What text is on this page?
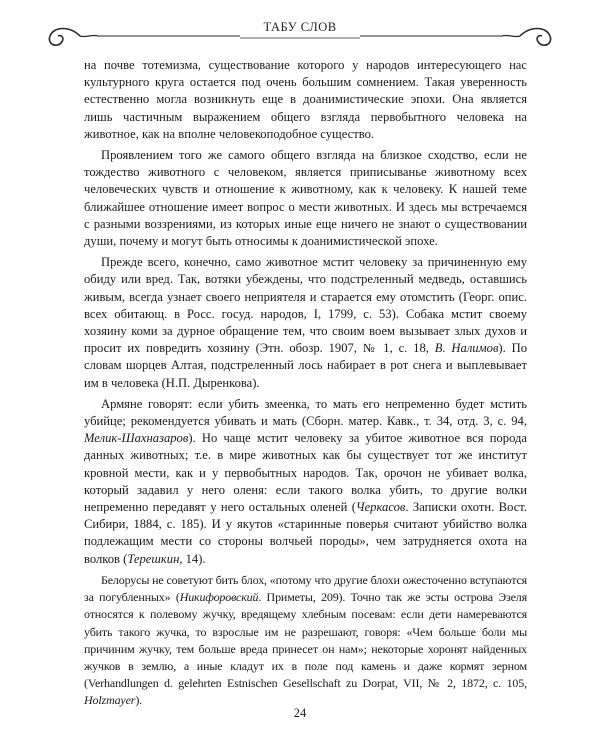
ТАБУ СЛОВ

на почве тотемизма, существование которого у народов интересующего нас культурного круга остается под очень большим сомнением. Такая уверенность естественно могла возникнуть еще в доанимистические эпохи. Она является лишь частичным выражением общего взгляда первобытного человека на животное, как на вполне человекоподобное существо.

Проявлением того же самого общего взгляда на близкое сходство, если не тождество животного с человеком, является приписыванье животному всех человеческих чувств и отношение к животному, как к человеку. К нашей теме ближайшее отношение имеет вопрос о мести животных. И здесь мы встречаемся с разными воззрениями, из которых иные еще ничего не знают о существовании души, почему и могут быть относимы к доанимистической эпохе.

Прежде всего, конечно, само животное мстит человеку за причиненную ему обиду или вред. Так, вотяки убеждены, что подстреленный медведь, оставшись живым, всегда узнает своего неприятеля и старается ему отомстить (Георг. опис. всех обитающ. в Росс. госуд. народов, I, 1799, с. 53). Собака мстит своему хозяину коми за дурное обращение тем, что своим воем вызывает злых духов и просит их повредить хозяину (Этн. обозр. 1907, № 1, с. 18, В. Налимов). По словам шорцев Алтая, подстреленный лось набирает в рот снега и выплевывает им в человека (Н.П. Дыренкова).

Армяне говорят: если убить змеенка, то мать его непременно будет мстить убийце; рекомендуется убивать и мать (Сборн. матер. Кавк., т. 34, отд. 3, с. 94, Мелик-Шахназаров). Но чаще мстит человеку за убитое животное вся порода данных животных; т.е. в мире животных как бы существует тот же институт кровной мести, как и у первобытных народов. Так, орочон не убивает волка, который задавил у него оленя: если такого волка убить, то другие волки непременно передавят у него остальных оленей (Черкасов. Записки охотн. Вост. Сибири, 1884, с. 185). И у якутов «старинные поверья считают убийство волка подлежащим мести со стороны волчьей породы», чем затрудняется охота на волков (Терешкин, 14).

Белорусы не советуют бить блох, «потому что другие блохи ожесточенно вступаются за погубленных» (Никифоровский. Приметы, 209). Точно так же эсты острова Эзеля относятся к полевому жучку, вредящему хлебным посевам: если дети намереваются убить такого жучка, то взрослые им не разрешают, говоря: «Чем больше боли мы причиним жучку, тем больше вреда принесет он нам»; некоторые хоронят найденных жучков в землю, а иные кладут их в поле под камень и даже кормят зерном (Verhandlungen d. gelehrten Estnischen Gesellschaft zu Dorpat, VII, № 2, 1872, с. 105, Holzmayer).

24
